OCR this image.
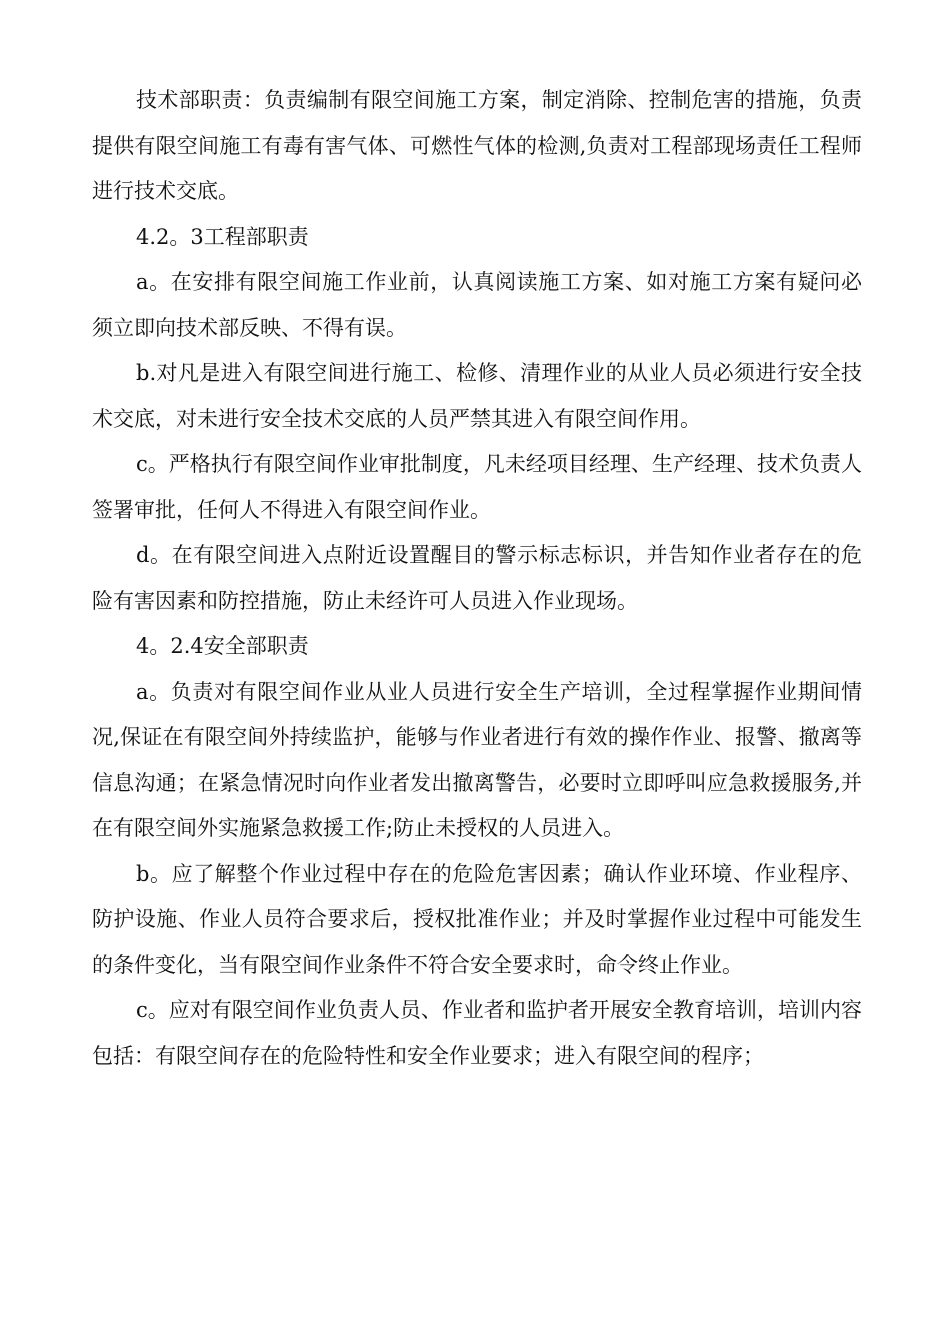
技术部职责：负责编制有限空间施工方案，制定消除、控制危害的措施，负责提供有限空间施工有毒有害气体、可燃性气体的检测,负责对工程部现场责任工程师进行技术交底。

4.2。3工程部职责

a。在安排有限空间施工作业前，认真阅读施工方案、如对施工方案有疑问必须立即向技术部反映、不得有误。

b.对凡是进入有限空间进行施工、检修、清理作业的从业人员必须进行安全技术交底，对未进行安全技术交底的人员严禁其进入有限空间作用。

c。严格执行有限空间作业审批制度，凡未经项目经理、生产经理、技术负责人签署审批，任何人不得进入有限空间作业。

d。在有限空间进入点附近设置醒目的警示标志标识，并告知作业者存在的危险有害因素和防控措施，防止未经许可人员进入作业现场。

4。2.4安全部职责

a。负责对有限空间作业从业人员进行安全生产培训，全过程掌握作业期间情况,保证在有限空间外持续监护，能够与作业者进行有效的操作作业、报警、撤离等信息沟通；在紧急情况时向作业者发出撤离警告，必要时立即呼叫应急救援服务,并在有限空间外实施紧急救援工作;防止未授权的人员进入。

b。应了解整个作业过程中存在的危险危害因素；确认作业环境、作业程序、防护设施、作业人员符合要求后，授权批准作业；并及时掌握作业过程中可能发生的条件变化，当有限空间作业条件不符合安全要求时，命令终止作业。

c。应对有限空间作业负责人员、作业者和监护者开展安全教育培训，培训内容包括：有限空间存在的危险特性和安全作业要求；进入有限空间的程序；
